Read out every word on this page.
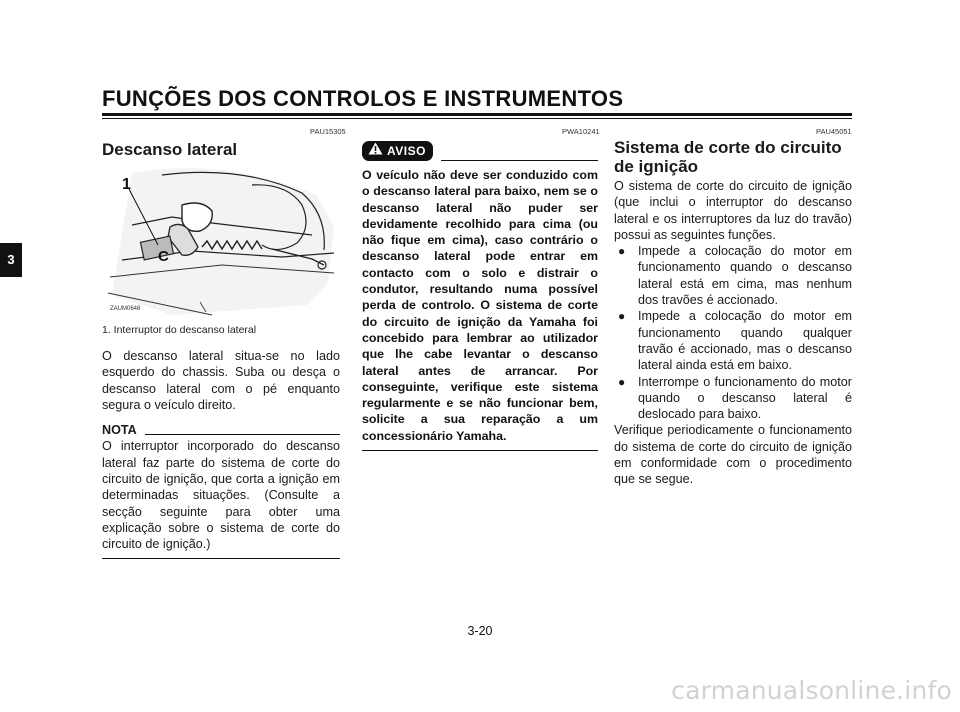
FUNÇÕES DOS CONTROLOS E INSTRUMENTOS
3
PAU15305

Descanso lateral

C
1
ZAUM0648
1. Interruptor do descanso lateral

O descanso lateral situa-se no lado esquerdo do chassis. Suba ou desça o descanso lateral com o pé enquanto segura o veículo direito.

NOTA

O interruptor incorporado do descanso lateral faz parte do sistema de corte do circuito de ignição, que corta a ignição em determinadas situações. (Consulte a secção seguinte para obter uma explicação sobre o sistema de corte do circuito de ignição.)

PWA10241
AVISO

O veículo não deve ser conduzido com o descanso lateral para baixo, nem se o descanso lateral não puder ser devidamente recolhido para cima (ou não fique em cima), caso contrário o descanso lateral pode entrar em contacto com o solo e distrair o condutor, resultando numa possível perda de controlo. O sistema de corte do circuito de ignição da Yamaha foi concebido para lembrar ao utilizador que lhe cabe levantar o descanso lateral antes de arrancar. Por conseguinte, verifique este sistema regularmente e se não funcionar bem, solicite a sua reparação a um concessionário Yamaha.

PAU45051

Sistema de corte do circuito de ignição

O sistema de corte do circuito de ignição (que inclui o interruptor do descanso lateral e os interruptores da luz do travão) possui as seguintes funções.

●	Impede a colocação do motor em funcionamento quando o descanso lateral está em cima, mas nenhum dos travões é accionado.
●	Impede a colocação do motor em funcionamento quando qualquer travão é accionado, mas o descanso lateral ainda está em baixo.
●	Interrompe o funcionamento do motor quando o descanso lateral é deslocado para baixo.

Verifique periodicamente o funcionamento do sistema de corte do circuito de ignição em conformidade com o procedimento que se segue.

3-20
carmanualsonline.info
